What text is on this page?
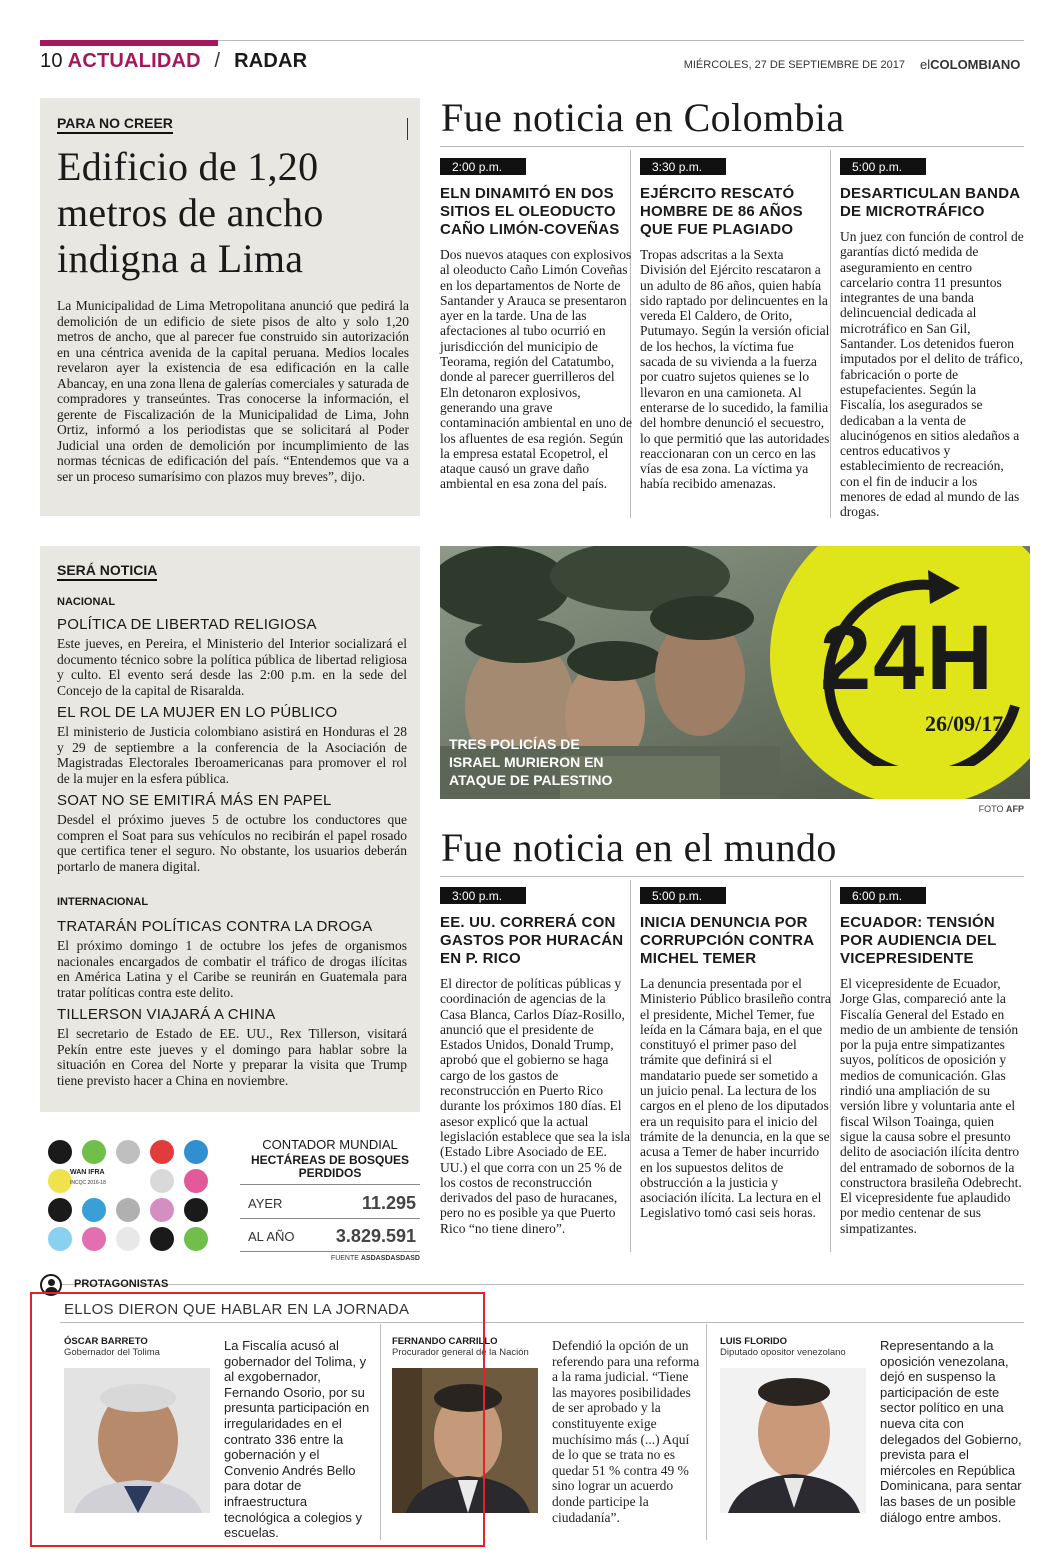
10 ACTUALIDAD / RADAR	MIÉRCOLES, 27 DE SEPTIEMBRE DE 2017 elCOLOMBIANO
PARA NO CREER
Edificio de 1,20 metros de ancho indigna a Lima
La Municipalidad de Lima Metropolitana anunció que pedirá la demolición de un edificio de siete pisos de alto y solo 1,20 metros de ancho, que al parecer fue construido sin autorización en una céntrica avenida de la capital peruana. Medios locales revelaron ayer la existencia de esa edificación en la calle Abancay, en una zona llena de galerías comerciales y saturada de compradores y transeúntes. Tras conocerse la información, el gerente de Fiscalización de la Municipalidad de Lima, John Ortiz, informó a los periodistas que se solicitará al Poder Judicial una orden de demolición por incumplimiento de las normas técnicas de edificación del país. “Entendemos que va a ser un proceso sumarísimo con plazos muy breves”, dijo.
Fue noticia en Colombia
2:00 p.m.
ELN DINAMITÓ EN DOS SITIOS EL OLEODUCTO CAÑO LIMÓN-COVEÑAS
Dos nuevos ataques con explosivos al oleoducto Caño Limón Coveñas en los departamentos de Norte de Santander y Arauca se presentaron ayer en la tarde. Una de las afectaciones al tubo ocurrió en jurisdicción del municipio de Teorama, región del Catatumbo, donde al parecer guerrilleros del Eln detonaron explosivos, generando una grave contaminación ambiental en uno de los afluentes de esa región. Según la empresa estatal Ecopetrol, el ataque causó un grave daño ambiental en esa zona del país.
3:30 p.m.
EJÉRCITO RESCATÓ HOMBRE DE 86 AÑOS QUE FUE PLAGIADO
Tropas adscritas a la Sexta División del Ejército rescataron a un adulto de 86 años, quien había sido raptado por delincuentes en la vereda El Caldero, de Orito, Putumayo. Según la versión oficial de los hechos, la víctima fue sacada de su vivienda a la fuerza por cuatro sujetos quienes se lo llevaron en una camioneta. Al enterarse de lo sucedido, la familia del hombre denunció el secuestro, lo que permitió que las autoridades reaccionaran con un cerco en las vías de esa zona. La víctima ya había recibido amenazas.
5:00 p.m.
DESARTICULAN BANDA DE MICROTRÁFICO
Un juez con función de control de garantías dictó medida de aseguramiento en centro carcelario contra 11 presuntos integrantes de una banda delincuencial dedicada al microtráfico en San Gil, Santander. Los detenidos fueron imputados por el delito de tráfico, fabricación o porte de estupefacientes. Según la Fiscalía, los asegurados se dedicaban a la venta de alucinógenos en sitios aledaños a centros educativos y establecimiento de recreación, con el fin de inducir a los menores de edad al mundo de las drogas.
SERÁ NOTICIA
NACIONAL
POLÍTICA DE LIBERTAD RELIGIOSA
Este jueves, en Pereira, el Ministerio del Interior socializará el documento técnico sobre la política pública de libertad religiosa y culto. El evento será desde las 2:00 p.m. en la sede del Concejo de la capital de Risaralda.
EL ROL DE LA MUJER EN LO PÚBLICO
El ministerio de Justicia colombiano asistirá en Honduras el 28 y 29 de septiembre a la conferencia de la Asociación de Magistradas Electorales Iberoamericanas para promover el rol de la mujer en la esfera pública.
SOAT NO SE EMITIRÁ MÁS EN PAPEL
Desdel el próximo jueves 5 de octubre los conductores que compren el Soat para sus vehículos no recibirán el papel rosado que certifica tener el seguro. No obstante, los usuarios deberán portarlo de manera digital.
INTERNACIONAL
TRATARÁN POLÍTICAS CONTRA LA DROGA
El próximo domingo 1 de octubre los jefes de organismos nacionales encargados de combatir el tráfico de drogas ilícitas en América Latina y el Caribe se reunirán en Guatemala para tratar políticas contra este delito.
TILLERSON VIAJARÁ A CHINA
El secretario de Estado de EE. UU., Rex Tillerson, visitará Pekín entre este jueves y el domingo para hablar sobre la situación en Corea del Norte y preparar la visita que Trump tiene previsto hacer a China en noviembre.
24H
26/09/17
TRES POLICÍAS DE
ISRAEL MURIERON EN
ATAQUE DE PALESTINO
FOTO AFP
Fue noticia en el mundo
3:00 p.m.
EE. UU. CORRERÁ CON GASTOS POR HURACÁN EN P. RICO
El director de políticas públicas y coordinación de agencias de la Casa Blanca, Carlos Díaz-Rosillo, anunció que el presidente de Estados Unidos, Donald Trump, aprobó que el gobierno se haga cargo de los gastos de reconstrucción en Puerto Rico durante los próximos 180 días. El asesor explicó que la actual legislación establece que sea la isla (Estado Libre Asociado de EE. UU.) el que corra con un 25 % de los costos de reconstrucción derivados del paso de huracanes, pero no es posible ya que Puerto Rico “no tiene dinero”.
5:00 p.m.
INICIA DENUNCIA POR CORRUPCIÓN CONTRA MICHEL TEMER
La denuncia presentada por el Ministerio Público brasileño contra el presidente, Michel Temer, fue leída en la Cámara baja, en el que constituyó el primer paso del trámite que definirá si el mandatario puede ser sometido a un juicio penal. La lectura de los cargos en el pleno de los diputados era un requisito para el inicio del trámite de la denuncia, en la que se acusa a Temer de haber incurrido en los supuestos delitos de obstrucción a la justicia y asociación ilícita. La lectura en el Legislativo tomó casi seis horas.
6:00 p.m.
ECUADOR: TENSIÓN POR AUDIENCIA DEL VICEPRESIDENTE
El vicepresidente de Ecuador, Jorge Glas, compareció ante la Fiscalía General del Estado en medio de un ambiente de tensión por la puja entre simpatizantes suyos, políticos de oposición y medios de comunicación. Glas rindió una ampliación de su versión libre y voluntaria ante el fiscal Wilson Toainga, quien sigue la causa sobre el presunto delito de asociación ilícita dentro del entramado de sobornos de la constructora brasileña Odebrecht. El vicepresidente fue aplaudido por medio centenar de sus simpatizantes.
WAN IFRA
INCQC 2016-18
CONTADOR MUNDIAL
HECTÁREAS DE BOSQUES
PERDIDOS
AYER	11.295
AL AÑO 3.829.591
FUENTE ASDASDASDASD
PROTAGONISTAS
ELLOS DIERON QUE HABLAR EN LA JORNADA
ÓSCAR BARRETO
Gobernador del Tolima	La Fiscalía acusó al gobernador del Tolima, y al exgobernador, Fernando Osorio, por su presunta participación en irregularidades en el contrato 336 entre la gobernación y el Convenio Andrés Bello para dotar de infraestructura tecnológica a colegios y escuelas.
FERNANDO CARRILLO
Procurador general de la Nación	Defendió la opción de un referendo para una reforma a la rama judicial. “Tiene las mayores posibilidades de ser aprobado y la constituyente exige muchísimo más (...) Aquí de lo que se trata no es quedar 51 % contra 49 % sino lograr un acuerdo donde participe la ciudadanía”.
LUIS FLORIDO
Diputado opositor venezolano	Representando a la oposición venezolana, dejó en suspenso la participación de este sector político en una nueva cita con delegados del Gobierno, prevista para el miércoles en República Dominicana, para sentar las bases de un posible diálogo entre ambos.
